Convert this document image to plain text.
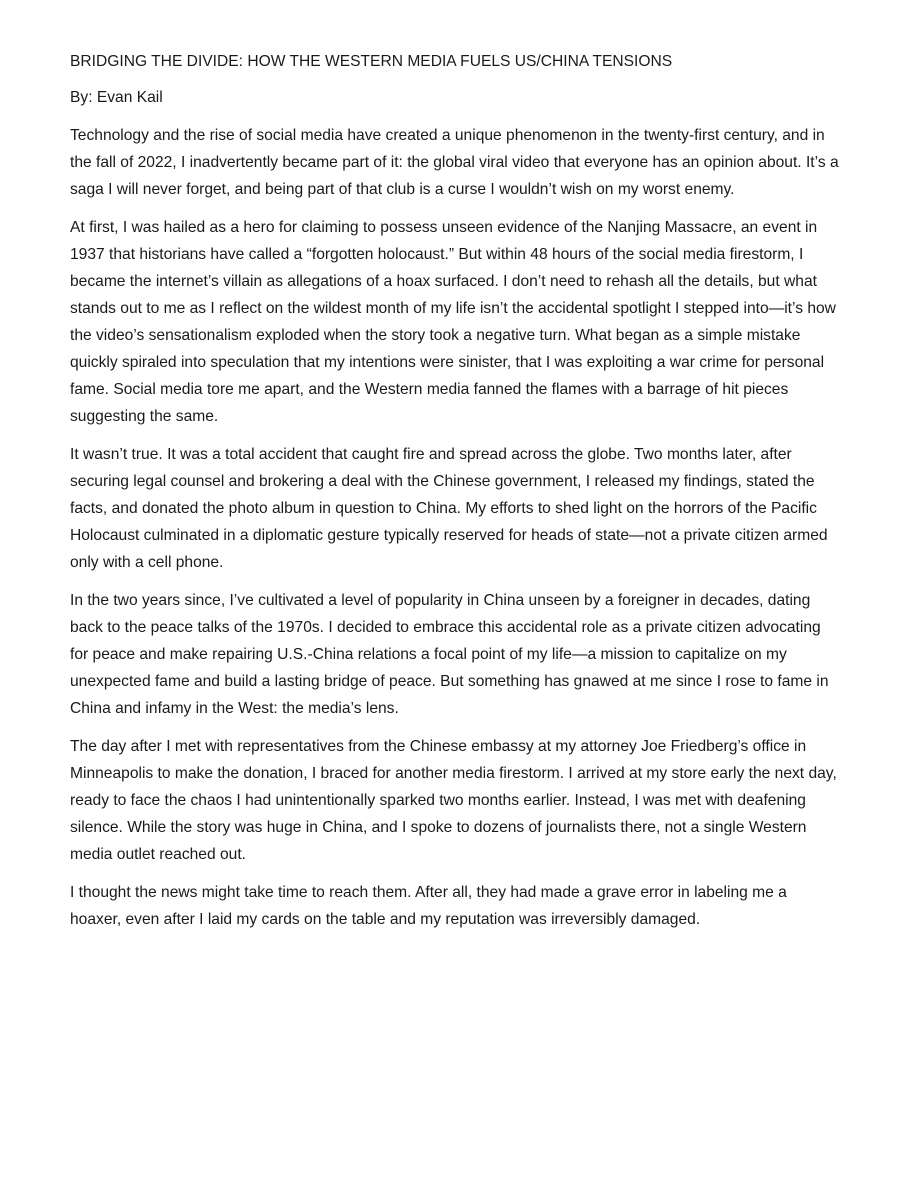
BRIDGING THE DIVIDE: HOW THE WESTERN MEDIA FUELS US/CHINA TENSIONS

By: Evan Kail

Technology and the rise of social media have created a unique phenomenon in the twenty-first century, and in the fall of 2022, I inadvertently became part of it: the global viral video that everyone has an opinion about. It’s a saga I will never forget, and being part of that club is a curse I wouldn’t wish on my worst enemy.

At first, I was hailed as a hero for claiming to possess unseen evidence of the Nanjing Massacre, an event in 1937 that historians have called a “forgotten holocaust.” But within 48 hours of the social media firestorm, I became the internet’s villain as allegations of a hoax surfaced. I don’t need to rehash all the details, but what stands out to me as I reflect on the wildest month of my life isn’t the accidental spotlight I stepped into—it’s how the video’s sensationalism exploded when the story took a negative turn. What began as a simple mistake quickly spiraled into speculation that my intentions were sinister, that I was exploiting a war crime for personal fame. Social media tore me apart, and the Western media fanned the flames with a barrage of hit pieces suggesting the same.

It wasn’t true. It was a total accident that caught fire and spread across the globe. Two months later, after securing legal counsel and brokering a deal with the Chinese government, I released my findings, stated the facts, and donated the photo album in question to China. My efforts to shed light on the horrors of the Pacific Holocaust culminated in a diplomatic gesture typically reserved for heads of state—not a private citizen armed only with a cell phone.

In the two years since, I’ve cultivated a level of popularity in China unseen by a foreigner in decades, dating back to the peace talks of the 1970s. I decided to embrace this accidental role as a private citizen advocating for peace and make repairing U.S.-China relations a focal point of my life—a mission to capitalize on my unexpected fame and build a lasting bridge of peace. But something has gnawed at me since I rose to fame in China and infamy in the West: the media’s lens.

The day after I met with representatives from the Chinese embassy at my attorney Joe Friedberg’s office in Minneapolis to make the donation, I braced for another media firestorm. I arrived at my store early the next day, ready to face the chaos I had unintentionally sparked two months earlier. Instead, I was met with deafening silence. While the story was huge in China, and I spoke to dozens of journalists there, not a single Western media outlet reached out.

I thought the news might take time to reach them. After all, they had made a grave error in labeling me a hoaxer, even after I laid my cards on the table and my reputation was irreversibly damaged.
